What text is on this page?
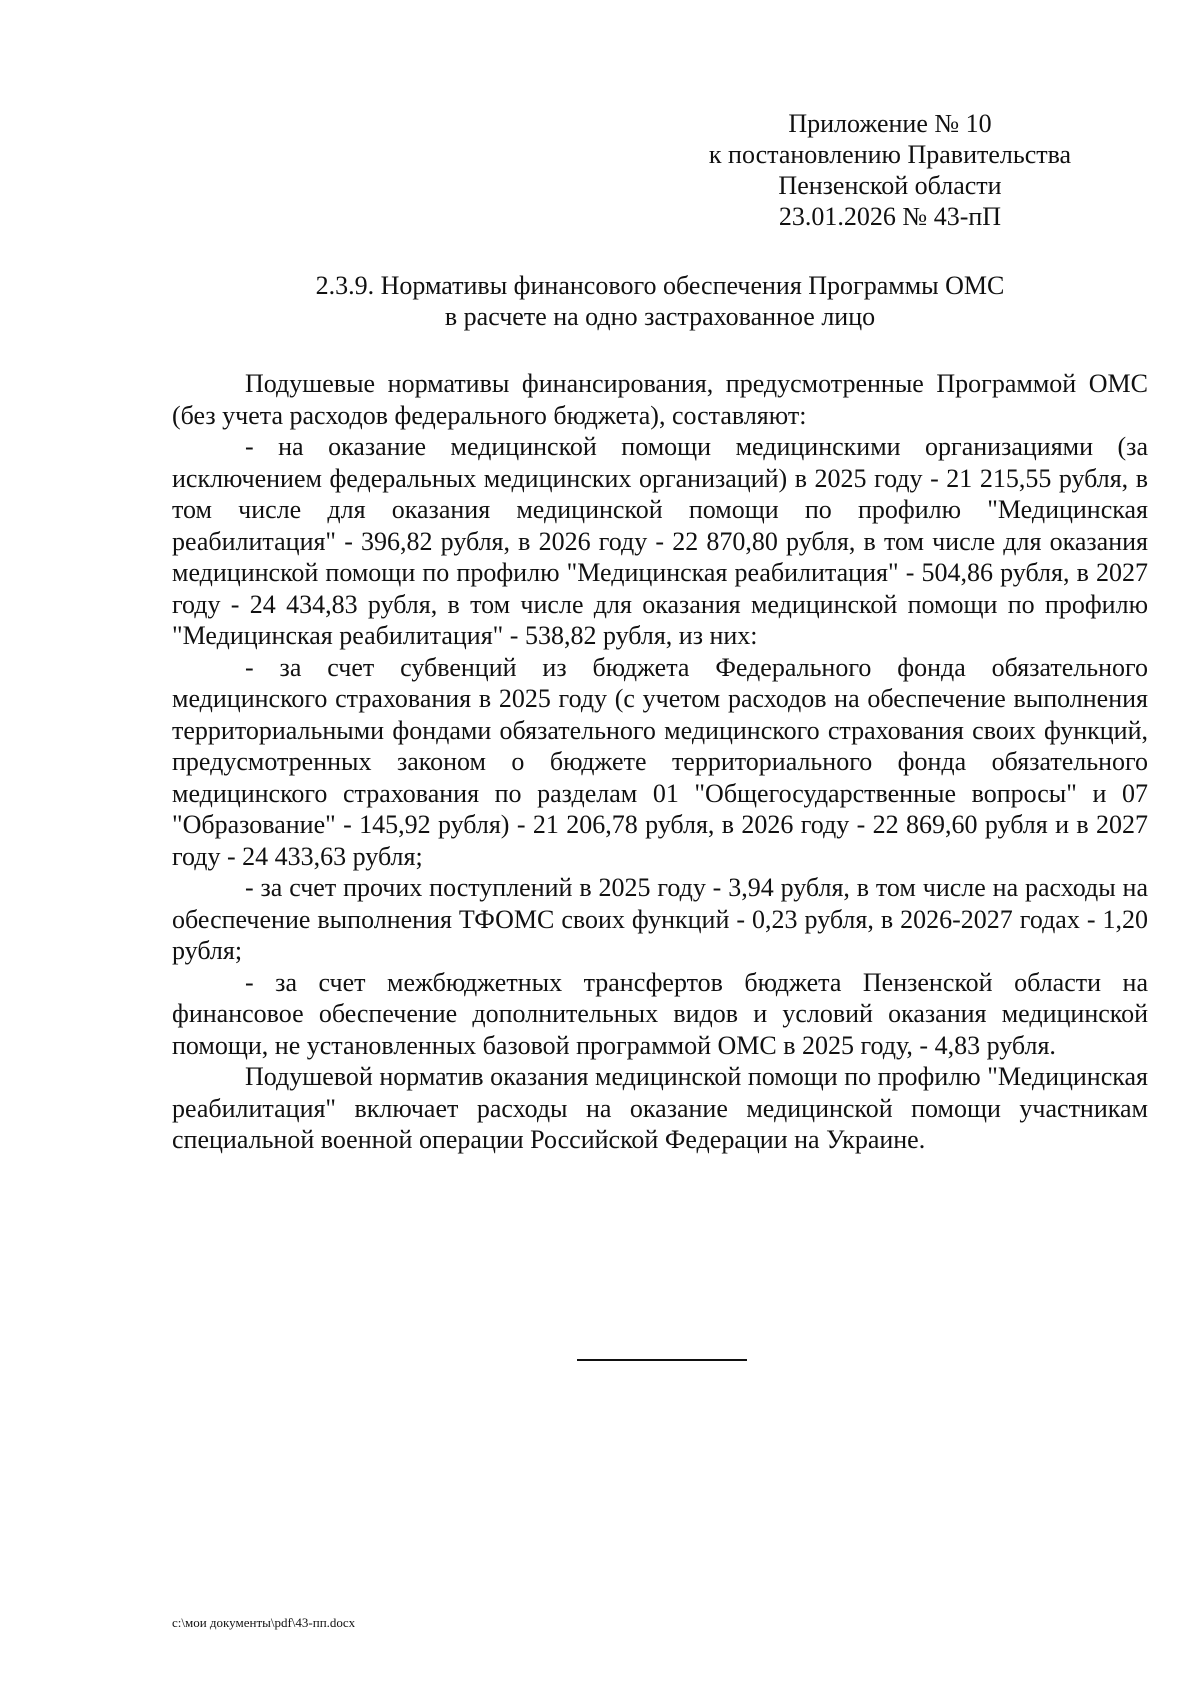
Приложение № 10
к постановлению Правительства
Пензенской области
23.01.2026 № 43-пП
2.3.9. Нормативы финансового обеспечения Программы ОМС
в расчете на одно застрахованное лицо

Подушевые нормативы финансирования, предусмотренные Программой ОМС (без учета расходов федерального бюджета), составляют:

- на оказание медицинской помощи медицинскими организациями (за исключением федеральных медицинских организаций) в 2025 году - 21 215,55 рубля, в том числе для оказания медицинской помощи по профилю "Медицинская реабилитация" - 396,82 рубля, в 2026 году - 22 870,80 рубля, в том числе для оказания медицинской помощи по профилю "Медицинская реабилитация" - 504,86 рубля, в 2027 году - 24 434,83 рубля, в том числе для оказания медицинской помощи по профилю "Медицинская реабилитация" - 538,82 рубля, из них:

- за счет субвенций из бюджета Федерального фонда обязательного медицинского страхования в 2025 году (с учетом расходов на обеспечение выполнения территориальными фондами обязательного медицинского страхования своих функций, предусмотренных законом о бюджете территориального фонда обязательного медицинского страхования по разделам 01 "Общегосударственные вопросы" и 07 "Образование" - 145,92 рубля) - 21 206,78 рубля, в 2026 году - 22 869,60 рубля и в 2027 году - 24 433,63 рубля;

- за счет прочих поступлений в 2025 году - 3,94 рубля, в том числе на расходы на обеспечение выполнения ТФОМС своих функций - 0,23 рубля, в 2026-2027 годах - 1,20 рубля;

- за счет межбюджетных трансфертов бюджета Пензенской области на финансовое обеспечение дополнительных видов и условий оказания медицинской помощи, не установленных базовой программой ОМС в 2025 году, - 4,83 рубля.

Подушевой норматив оказания медицинской помощи по профилю "Медицинская реабилитация" включает расходы на оказание медицинской помощи участникам специальной военной операции Российской Федерации на Украине.

c:\мои документы\pdf\43-пп.docx
